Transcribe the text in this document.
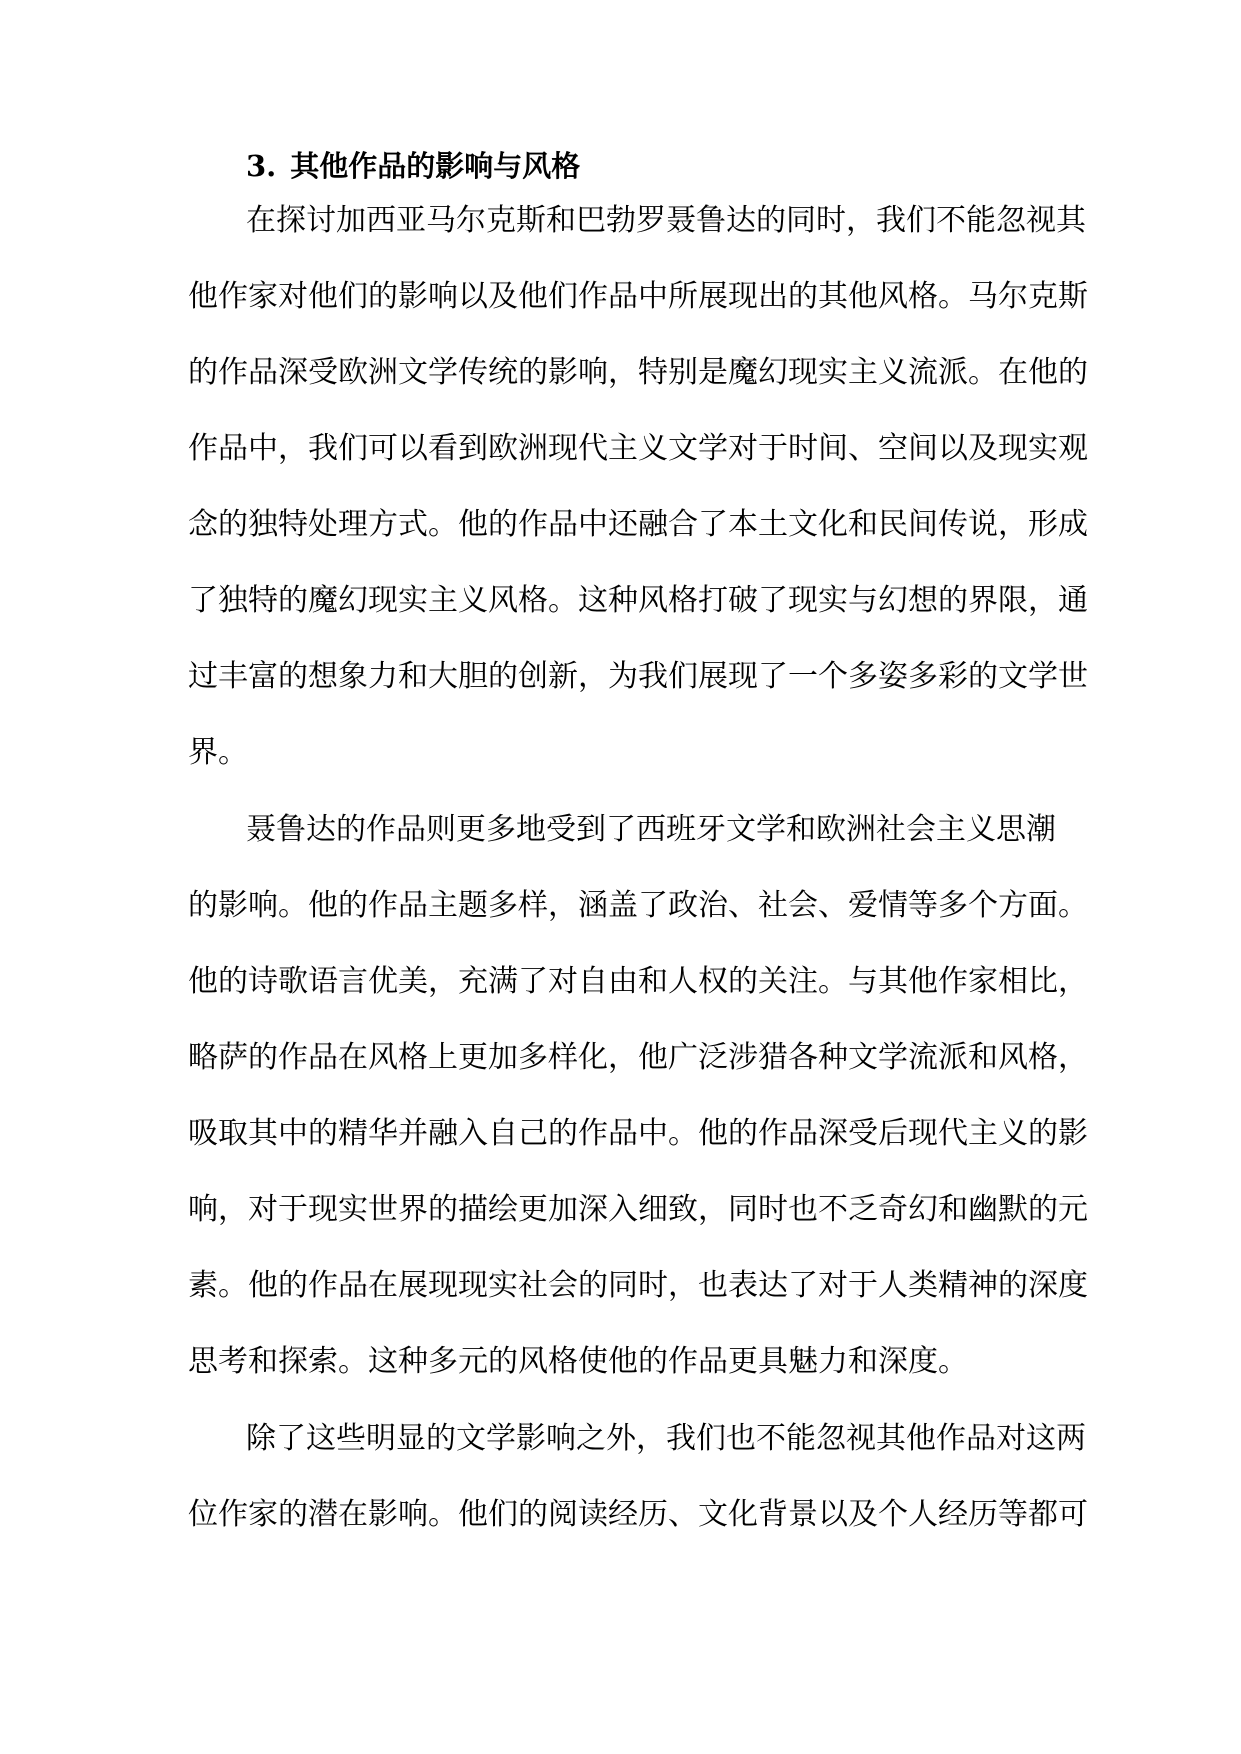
3. 其他作品的影响与风格
在探讨加西亚马尔克斯和巴勃罗聂鲁达的同时，我们不能忽视其
他作家对他们的影响以及他们作品中所展现出的其他风格。马尔克斯
的作品深受欧洲文学传统的影响，特别是魔幻现实主义流派。在他的
作品中，我们可以看到欧洲现代主义文学对于时间、空间以及现实观
念的独特处理方式。他的作品中还融合了本土文化和民间传说，形成
了独特的魔幻现实主义风格。这种风格打破了现实与幻想的界限，通
过丰富的想象力和大胆的创新，为我们展现了一个多姿多彩的文学世
界。
聂鲁达的作品则更多地受到了西班牙文学和欧洲社会主义思潮
的影响。他的作品主题多样，涵盖了政治、社会、爱情等多个方面。
他的诗歌语言优美，充满了对自由和人权的关注。与其他作家相比，
略萨的作品在风格上更加多样化，他广泛涉猎各种文学流派和风格，
吸取其中的精华并融入自己的作品中。他的作品深受后现代主义的影
响，对于现实世界的描绘更加深入细致，同时也不乏奇幻和幽默的元
素。他的作品在展现现实社会的同时，也表达了对于人类精神的深度
思考和探索。这种多元的风格使他的作品更具魅力和深度。
除了这些明显的文学影响之外，我们也不能忽视其他作品对这两
位作家的潜在影响。他们的阅读经历、文化背景以及个人经历等都可
